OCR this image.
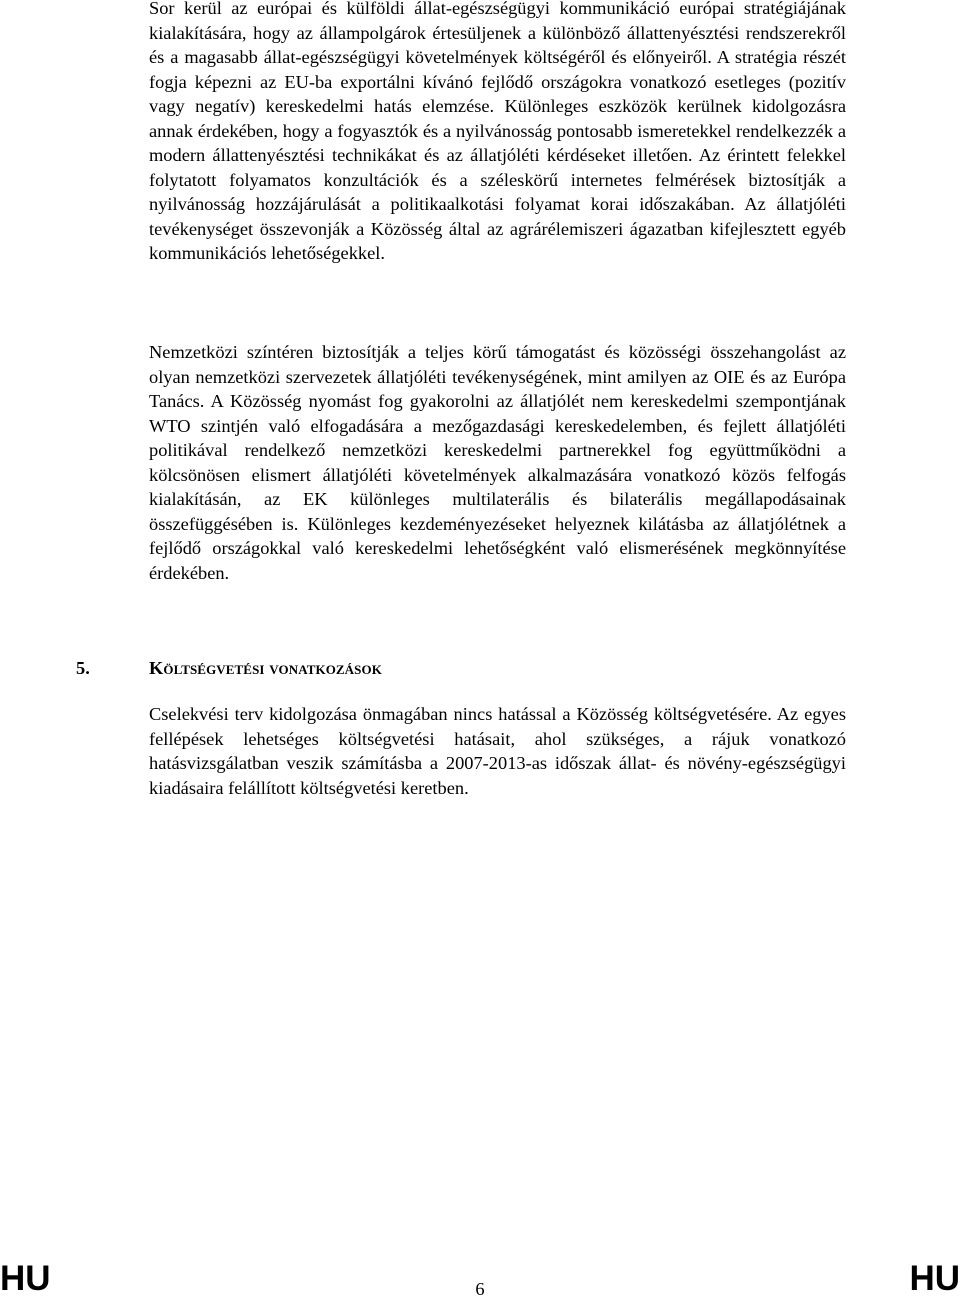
Sor kerül az európai és külföldi állat-egészségügyi kommunikáció európai stratégiájának kialakítására, hogy az állampolgárok értesüljenek a különböző állattenyésztési rendszerekről és a magasabb állat-egészségügyi követelmények költségéről és előnyeiről. A stratégia részét fogja képezni az EU-ba exportálni kívánó fejlődő országokra vonatkozó esetleges (pozitív vagy negatív) kereskedelmi hatás elemzése. Különleges eszközök kerülnek kidolgozásra annak érdekében, hogy a fogyasztók és a nyilvánosság pontosabb ismeretekkel rendelkezzék a modern állattenyésztési technikákat és az állatjóléti kérdéseket illetően. Az érintett felekkel folytatott folyamatos konzultációk és a széleskörű internetes felmérések biztosítják a nyilvánosság hozzájárulását a politikaalkotási folyamat korai időszakában. Az állatjóléti tevékenységet összevonják a Közösség által az agrárélemiszeri ágazatban kifejlesztett egyéb kommunikációs lehetőségekkel.

Nemzetközi színtéren biztosítják a teljes körű támogatást és közösségi összehangolást az olyan nemzetközi szervezetek állatjóléti tevékenységének, mint amilyen az OIE és az Európa Tanács. A Közösség nyomást fog gyakorolni az állatjólét nem kereskedelmi szempontjának WTO szintjén való elfogadására a mezőgazdasági kereskedelemben, és fejlett állatjóléti politikával rendelkező nemzetközi kereskedelmi partnerekkel fog együttműködni a kölcsönösen elismert állatjóléti követelmények alkalmazására vonatkozó közös felfogás kialakításán, az EK különleges multilaterális és bilaterális megállapodásainak összefüggésében is. Különleges kezdeményezéseket helyeznek kilátásba az állatjólétnek a fejlődő országokkal való kereskedelmi lehetőségként való elismerésének megkönnyítése érdekében.

5.	Költségvetési vonatkozások

Cselekvési terv kidolgozása önmagában nincs hatással a Közösség költségvetésére. Az egyes fellépések lehetséges költségvetési hatásait, ahol szükséges, a rájuk vonatkozó hatásvizsgálatban veszik számításba a 2007-2013-as időszak állat- és növény-egészségügyi kiadásaira felállított költségvetési keretben.

HU	6	HU
